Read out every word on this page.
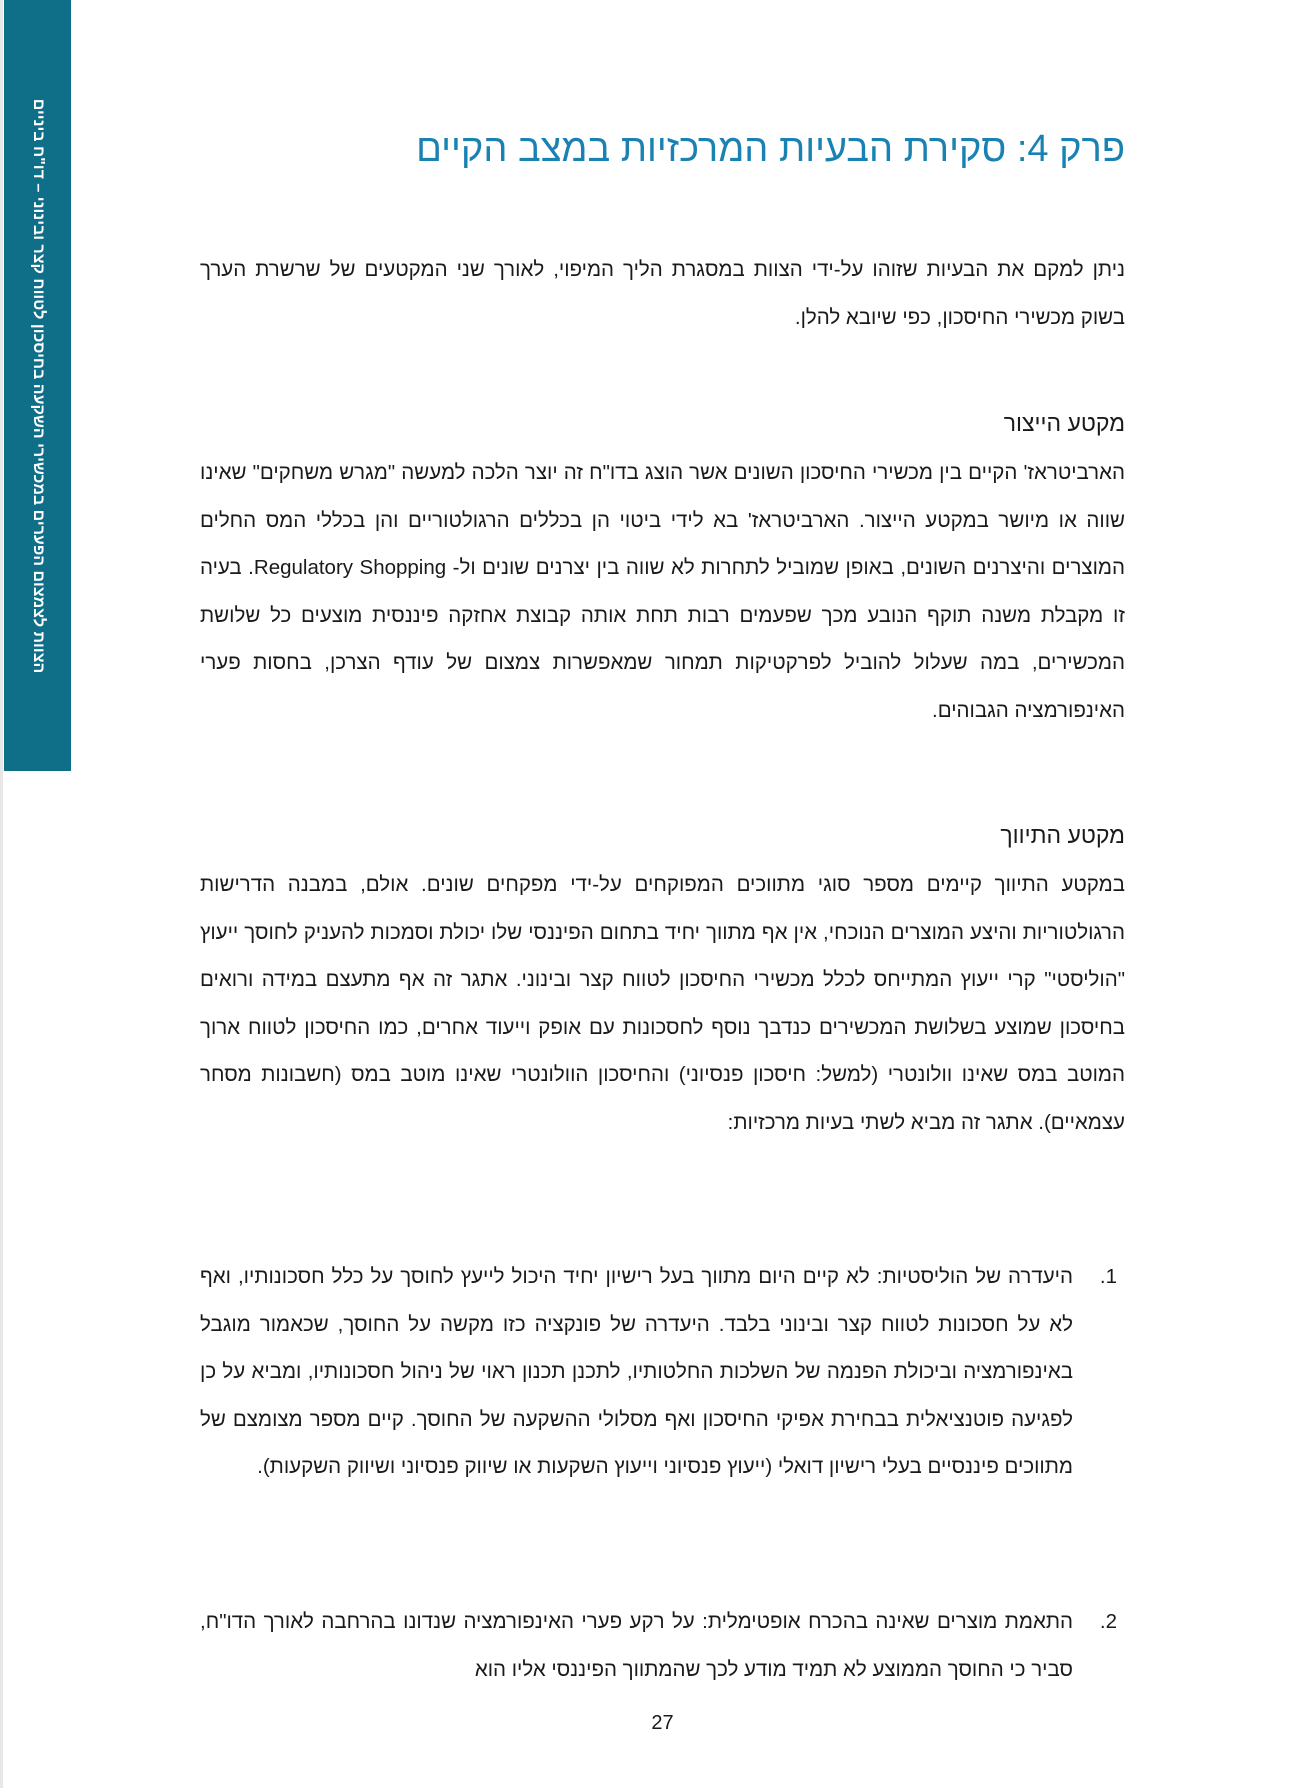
הצוות לצמצום הפערים במכשירי השקעה בחיסכון לטווח קצר ובינוני – דו"ח ביניים	פרק 4: סקירת הבעיות המרכזיות במצב הקיים

ניתן למקם את הבעיות שזוהו על-ידי הצוות במסגרת הליך המיפוי, לאורך שני המקטעים של שרשרת הערך בשוק מכשירי החיסכון, כפי שיובא להלן.

מקטע הייצור

הארביטראז' הקיים בין מכשירי החיסכון השונים אשר הוצג בדו"ח זה יוצר הלכה למעשה "מגרש משחקים" שאינו שווה או מיושר במקטע הייצור. הארביטראז' בא לידי ביטוי הן בכללים הרגולטוריים והן בכללי המס החלים המוצרים והיצרנים השונים, באופן שמוביל לתחרות לא שווה בין יצרנים שונים ול- Regulatory Shopping. בעיה זו מקבלת משנה תוקף הנובע מכך שפעמים רבות תחת אותה קבוצת אחזקה פיננסית מוצעים כל שלושת המכשירים, במה שעלול להוביל לפרקטיקות תמחור שמאפשרות צמצום של עודף הצרכן, בחסות פערי האינפורמציה הגבוהים.

מקטע התיווך

במקטע התיווך קיימים מספר סוגי מתווכים המפוקחים על-ידי מפקחים שונים. אולם, במבנה הדרישות הרגולטוריות והיצע המוצרים הנוכחי, אין אף מתווך יחיד בתחום הפיננסי שלו יכולת וסמכות להעניק לחוסך ייעוץ "הוליסטי" קרי ייעוץ המתייחס לכלל מכשירי החיסכון לטווח קצר ובינוני. אתגר זה אף מתעצם במידה ורואים בחיסכון שמוצע בשלושת המכשירים כנדבך נוסף לחסכונות עם אופק וייעוד אחרים, כמו החיסכון לטווח ארוך המוטב במס שאינו וולונטרי (למשל: חיסכון פנסיוני) והחיסכון הוולונטרי שאינו מוטב במס (חשבונות מסחר עצמאיים). אתגר זה מביא לשתי בעיות מרכזיות:

1.
היעדרה של הוליסטיות: לא קיים היום מתווך בעל רישיון יחיד היכול לייעץ לחוסך על כלל חסכונותיו, ואף לא על חסכונות לטווח קצר ובינוני בלבד. היעדרה של פונקציה כזו מקשה על החוסך, שכאמור מוגבל באינפורמציה וביכולת הפנמה של השלכות החלטותיו, לתכנן תכנון ראוי של ניהול חסכונותיו, ומביא על כן לפגיעה פוטנציאלית בבחירת אפיקי החיסכון ואף מסלולי ההשקעה של החוסך. קיים מספר מצומצם של מתווכים פיננסיים בעלי רישיון דואלי (ייעוץ פנסיוני וייעוץ השקעות או שיווק פנסיוני ושיווק השקעות).
2.
התאמת מוצרים שאינה בהכרח אופטימלית: על רקע פערי האינפורמציה שנדונו בהרחבה לאורך הדו"ח, סביר כי החוסך הממוצע לא תמיד מודע לכך שהמתווך הפיננסי אליו הוא
27
